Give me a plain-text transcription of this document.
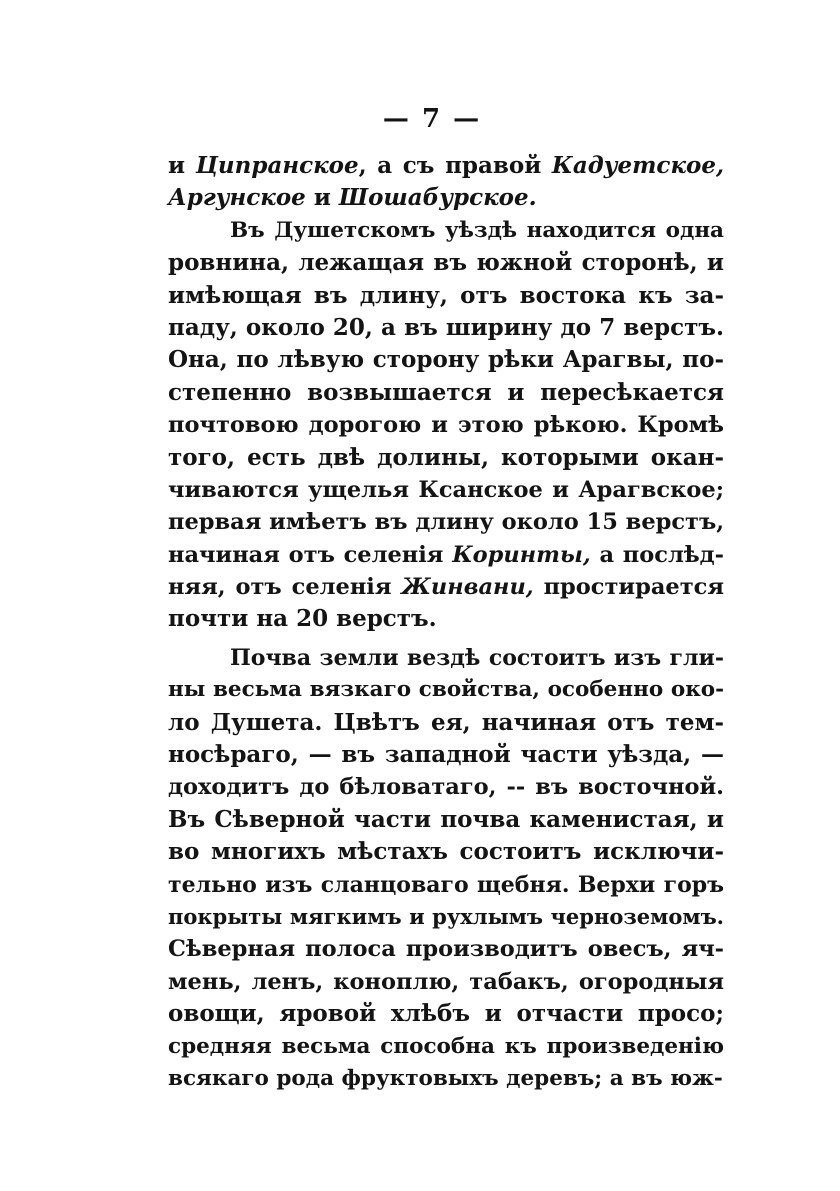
— 7 —
и Ципранское, а съ правой Кадуетское,
Аргунское и Шошабурское.
Въ Душетскомъ уѣздѣ находится одна
ровнина, лежащая въ южной сторонѣ, и
имѣющая въ длину, отъ востока къ за-
паду, около 20, а въ ширину до 7 верстъ.
Она, по лѣвую сторону рѣки Арагвы, по-
степенно возвышается и пересѣкается
почтовою дорогою и этою рѣкою. Кромѣ
того, есть двѣ долины, которыми окан-
чиваются ущелья Ксанское и Арагвское;
первая имѣетъ въ длину около 15 верстъ,
начиная отъ селенія Коринты, а послѣд-
няя, отъ селенія Жинвани, простирается
почти на 20 верстъ.
Почва земли вездѣ состоитъ изъ гли-
ны весьма вязкаго свойства, особенно око-
ло Душета. Цвѣтъ ея, начиная отъ тем-
носѣраго, — въ западной части уѣзда, —
доходитъ до бѣловатаго, -- въ восточной.
Въ Сѣверной части почва каменистая, и
во многихъ мѣстахъ состоитъ исключи-
тельно изъ сланцоваго щебня. Верхи горъ
покрыты мягкимъ и рухлымъ черноземомъ.
Сѣверная полоса производитъ овесъ, яч-
мень, ленъ, коноплю, табакъ, огородныя
овощи, яровой хлѣбъ и отчасти просо;
средняя весьма способна къ произведенію
всякаго рода фруктовыхъ деревъ; а въ юж-
